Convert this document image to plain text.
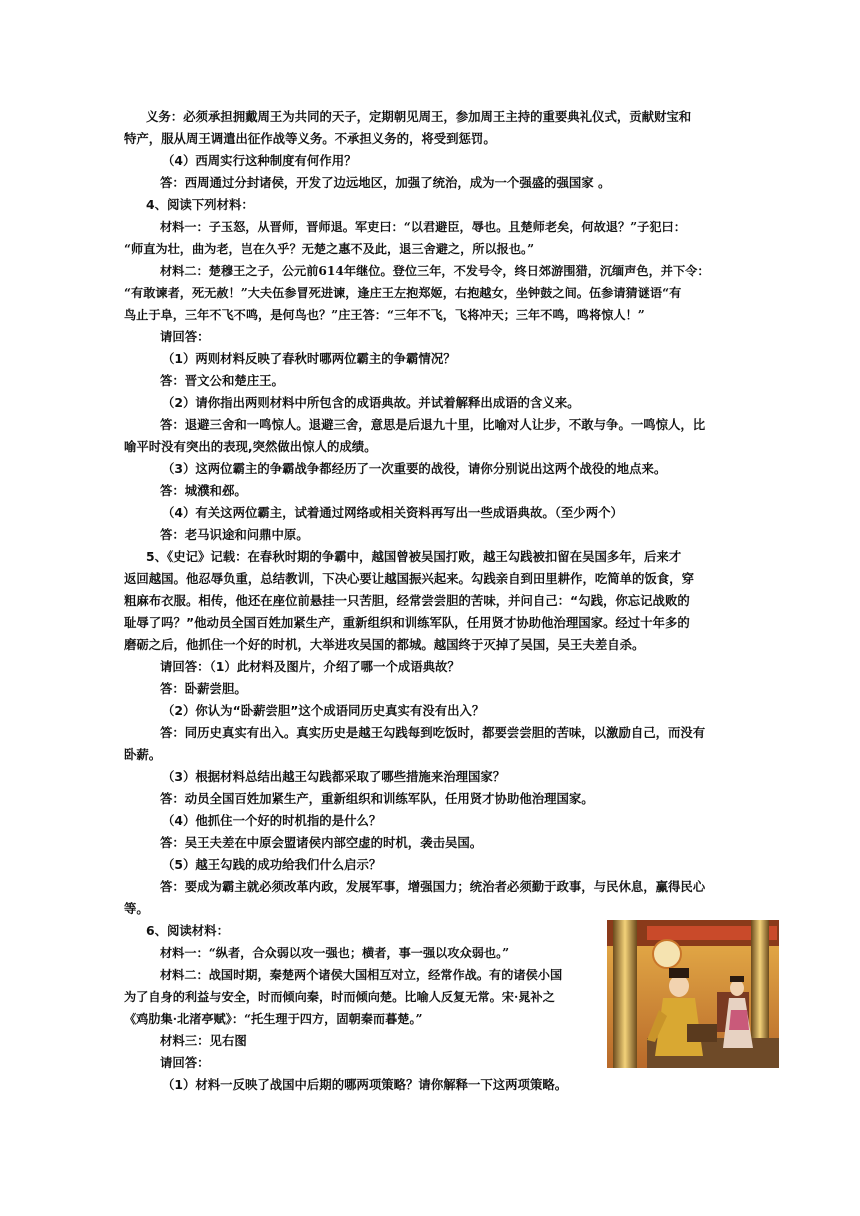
义务：必须承担拥戴周王为共同的天子，定期朝见周王，参加周王主持的重要典礼仪式，贡献财宝和
特产，服从周王调遣出征作战等义务。不承担义务的，将受到惩罚。
（4）西周实行这种制度有何作用？
答：西周通过分封诸侯，开发了边远地区，加强了统治，成为一个强盛的强国家 。
4、阅读下列材料：
材料一：子玉怒，从晋师，晋师退。军吏曰：“以君避臣，辱也。且楚师老矣，何故退？”子犯曰：
“师直为壮，曲为老，岂在久乎？无楚之惠不及此，退三舍避之，所以报也。”
材料二：楚穆王之子，公元前614年继位。登位三年，不发号令，终日郊游围猎，沉缅声色，并下令：
“有敢谏者，死无赦！”大夫伍参冒死进谏，逢庄王左抱郑姬，右抱越女，坐钟鼓之间。伍参请猜谜语“有
鸟止于阜，三年不飞不鸣，是何鸟也？”庄王答：“三年不飞，飞将冲天；三年不鸣，鸣将惊人！”
请回答：
（1）两则材料反映了春秋时哪两位霸主的争霸情况？
答：晋文公和楚庄王。
（2）请你指出两则材料中所包含的成语典故。并试着解释出成语的含义来。
答：退避三舍和一鸣惊人。退避三舍，意思是后退九十里，比喻对人让步，不敢与争。一鸣惊人，比
喻平时没有突出的表现,突然做出惊人的成绩。
（3）这两位霸主的争霸战争都经历了一次重要的战役，请你分别说出这两个战役的地点来。
答：城濮和邲。
（4）有关这两位霸主，试着通过网络或相关资料再写出一些成语典故。（至少两个）
答：老马识途和问鼎中原。
5、《史记》记载：在春秋时期的争霸中，越国曾被吴国打败，越王勾践被扣留在吴国多年，后来才
返回越国。他忍辱负重，总结教训，下决心要让越国振兴起来。勾践亲自到田里耕作，吃简单的饭食，穿
粗麻布衣服。相传，他还在座位前悬挂一只苦胆，经常尝尝胆的苦味，并问自己：“勾践，你忘记战败的
耻辱了吗？”他动员全国百姓加紧生产，重新组织和训练军队，任用贤才协助他治理国家。经过十年多的
磨砺之后，他抓住一个好的时机，大举进攻吴国的都城。越国终于灭掉了吴国，吴王夫差自杀。
请回答：（1）此材料及图片，介绍了哪一个成语典故？
答：卧薪尝胆。
（2）你认为“卧薪尝胆”这个成语同历史真实有没有出入？
答：同历史真实有出入。真实历史是越王勾践每到吃饭时，都要尝尝胆的苦味，以激励自己，而没有
卧薪。
（3）根据材料总结出越王勾践都采取了哪些措施来治理国家？
答：动员全国百姓加紧生产，重新组织和训练军队，任用贤才协助他治理国家。
（4）他抓住一个好的时机指的是什么？
答：吴王夫差在中原会盟诸侯内部空虚的时机，袭击吴国。
（5）越王勾践的成功给我们什么启示？
答：要成为霸主就必须改革内政，发展军事，增强国力；统治者必须勤于政事，与民休息，赢得民心
等。
6、阅读材料：
材料一：“纵者，合众弱以攻一强也；横者，事一强以攻众弱也。”
材料二：战国时期，秦楚两个诸侯大国相互对立，经常作战。有的诸侯小国
为了自身的利益与安全，时而倾向秦，时而倾向楚。比喻人反复无常。宋·晁补之
《鸡肋集·北渚亭赋》：“托生理于四方，固朝秦而暮楚。”
材料三：见右图
请回答：
（1）材料一反映了战国中后期的哪两项策略？请你解释一下这两项策略。
